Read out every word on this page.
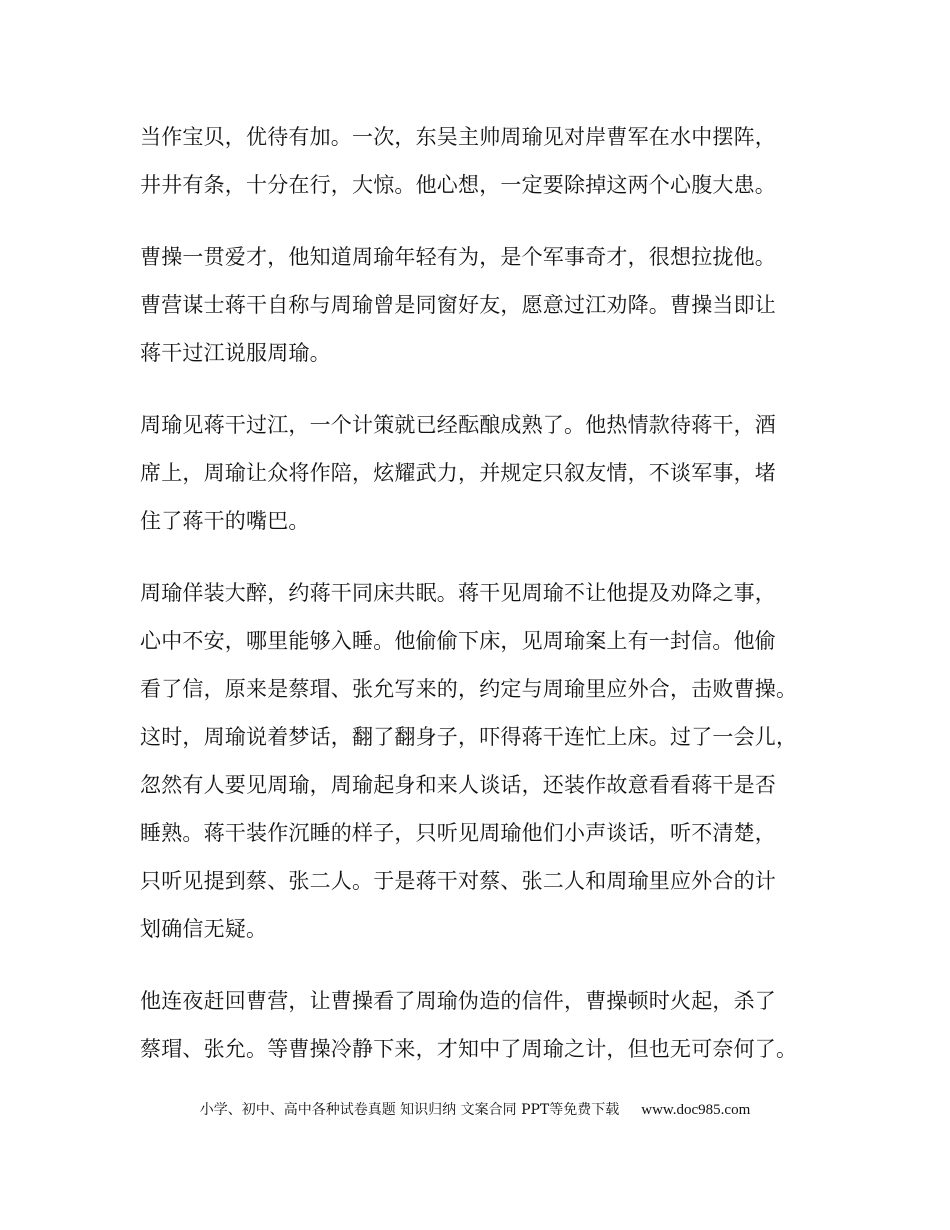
当作宝贝，优待有加。一次，东吴主帅周瑜见对岸曹军在水中摆阵，
井井有条，十分在行，大惊。他心想，一定要除掉这两个心腹大患。
曹操一贯爱才，他知道周瑜年轻有为，是个军事奇才，很想拉拢他。
曹营谋士蒋干自称与周瑜曾是同窗好友，愿意过江劝降。曹操当即让
蒋干过江说服周瑜。
周瑜见蒋干过江，一个计策就已经酝酿成熟了。他热情款待蒋干，酒
席上，周瑜让众将作陪，炫耀武力，并规定只叙友情，不谈军事，堵
住了蒋干的嘴巴。
周瑜佯装大醉，约蒋干同床共眠。蒋干见周瑜不让他提及劝降之事，
心中不安，哪里能够入睡。他偷偷下床，见周瑜案上有一封信。他偷
看了信，原来是蔡瑁、张允写来的，约定与周瑜里应外合，击败曹操。
这时，周瑜说着梦话，翻了翻身子，吓得蒋干连忙上床。过了一会儿，
忽然有人要见周瑜，周瑜起身和来人谈话，还装作故意看看蒋干是否
睡熟。蒋干装作沉睡的样子，只听见周瑜他们小声谈话，听不清楚，
只听见提到蔡、张二人。于是蒋干对蔡、张二人和周瑜里应外合的计
划确信无疑。
他连夜赶回曹营，让曹操看了周瑜伪造的信件，曹操顿时火起，杀了
蔡瑁、张允。等曹操冷静下来，才知中了周瑜之计，但也无可奈何了。
小学、初中、高中各种试卷真题 知识归纳 文案合同 PPT等免费下载 www.doc985.com
